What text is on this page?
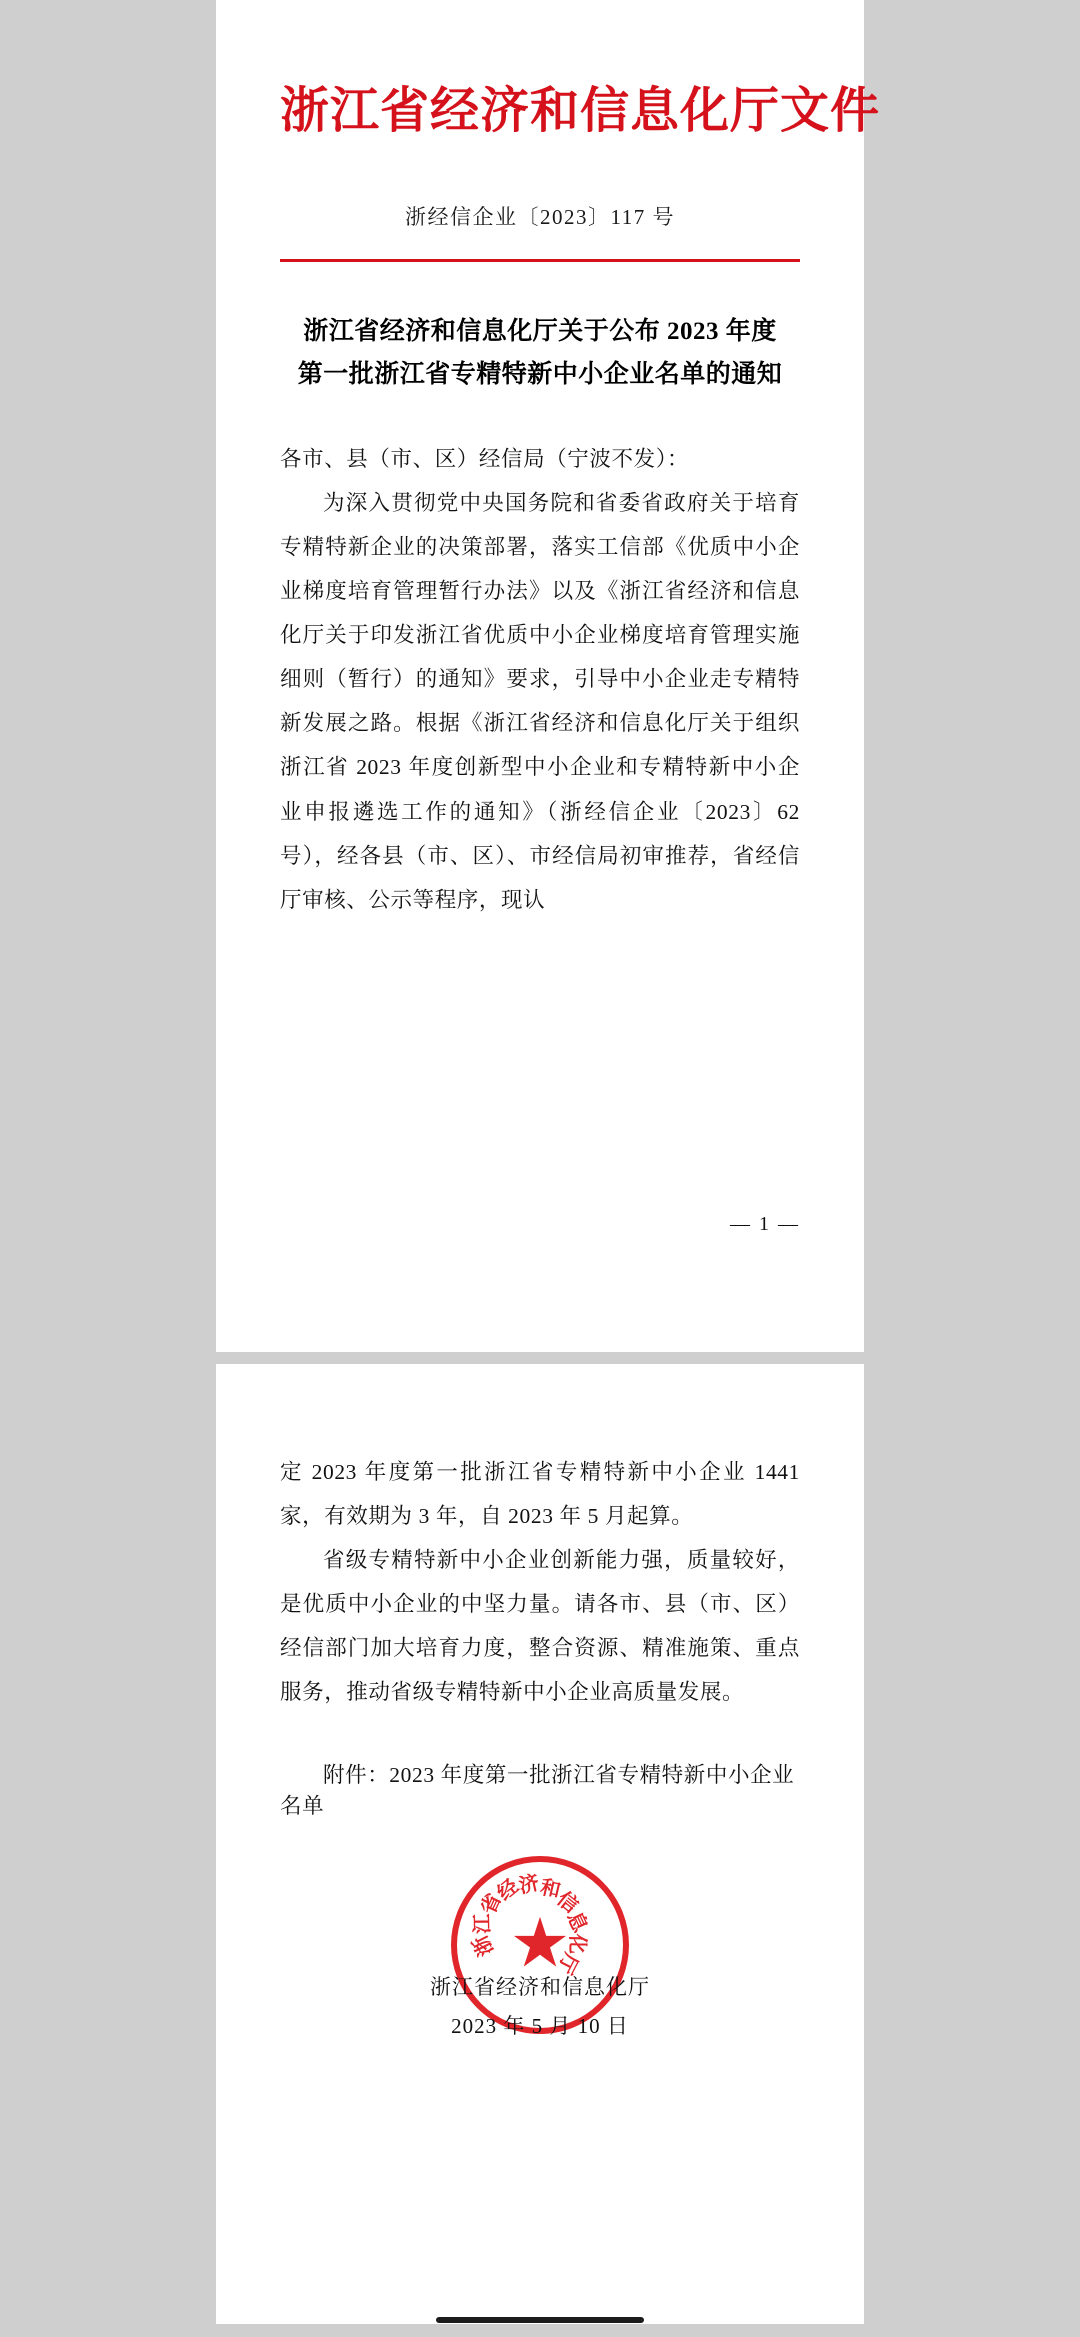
浙江省经济和信息化厅文件
浙经信企业〔2023〕117 号
浙江省经济和信息化厅关于公布 2023 年度
第一批浙江省专精特新中小企业名单的通知

各市、县（市、区）经信局（宁波不发）：

为深入贯彻党中央国务院和省委省政府关于培育专精特新企业的决策部署，落实工信部《优质中小企业梯度培育管理暂行办法》以及《浙江省经济和信息化厅关于印发浙江省优质中小企业梯度培育管理实施细则（暂行）的通知》要求，引导中小企业走专精特新发展之路。根据《浙江省经济和信息化厅关于组织浙江省 2023 年度创新型中小企业和专精特新中小企业申报遴选工作的通知》（浙经信企业〔2023〕62 号），经各县（市、区）、市经信局初审推荐，省经信厅审核、公示等程序，现认

— 1 —

定 2023 年度第一批浙江省专精特新中小企业 1441 家，有效期为 3 年，自 2023 年 5 月起算。

省级专精特新中小企业创新能力强，质量较好，是优质中小企业的中坚力量。请各市、县（市、区）经信部门加大培育力度，整合资源、精准施策、重点服务，推动省级专精特新中小企业高质量发展。

附件：2023 年度第一批浙江省专精特新中小企业名单
浙
江
省
经
济
和
信
息
化
厅
浙江省经济和信息化厅
2023 年 5 月 10 日
